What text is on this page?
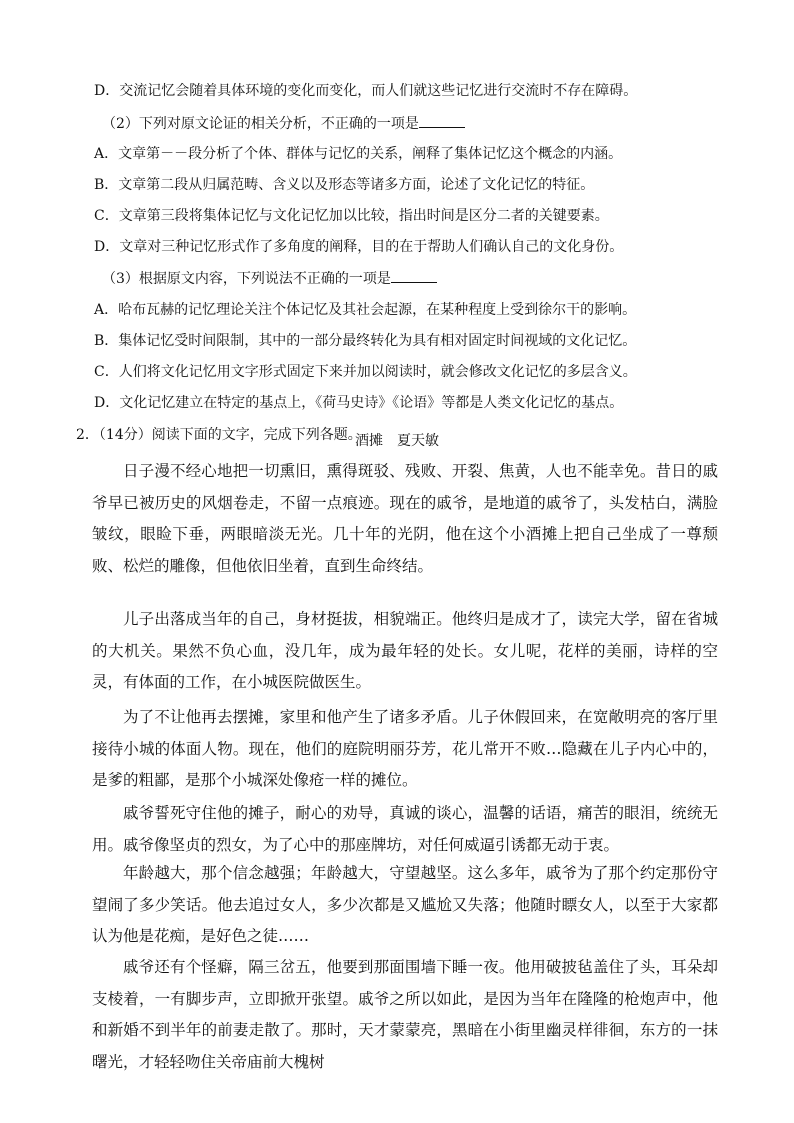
D．交流记忆会随着具体环境的变化而变化，而人们就这些记忆进行交流时不存在障碍。
（2）下列对原文论证的相关分析，不正确的一项是
A．文章第－－段分析了个体、群体与记忆的关系，阐释了集体记忆这个概念的内涵。
B．文章第二段从归属范畴、含义以及形态等诸多方面，论述了文化记忆的特征。
C．文章第三段将集体记忆与文化记忆加以比较，指出时间是区分二者的关键要素。
D．文章对三种记忆形式作了多角度的阐释，目的在于帮助人们确认自己的文化身份。
（3）根据原文内容，下列说法不正确的一项是
A．哈布瓦赫的记忆理论关注个体记忆及其社会起源，在某种程度上受到徐尔干的影响。
B．集体记忆受时间限制，其中的一部分最终转化为具有相对固定时间视域的文化记忆。
C．人们将文化记忆用文字形式固定下来并加以阅读时，就会修改文化记忆的多层含义。
D．文化记忆建立在特定的基点上，《荷马史诗》《论语》等都是人类文化记忆的基点。
2．（14分）阅读下面的文字，完成下列各题。
酒摊　夏天敏
日子漫不经心地把一切熏旧，熏得斑驳、残败、开裂、焦黄，人也不能幸免。昔日的戚爷早已被历史的风烟卷走，不留一点痕迹。现在的戚爷，是地道的戚爷了，头发枯白，满脸皱纹，眼睑下垂，两眼暗淡无光。几十年的光阴，他在这个小酒摊上把自己坐成了一尊颓败、松烂的雕像，但他依旧坐着，直到生命终结。
儿子出落成当年的自己，身材挺拔，相貌端正。他终归是成才了，读完大学，留在省城的大机关。果然不负心血，没几年，成为最年轻的处长。女儿呢，花样的美丽，诗样的空灵，有体面的工作，在小城医院做医生。
为了不让他再去摆摊，家里和他产生了诸多矛盾。儿子休假回来，在宽敞明亮的客厅里接待小城的体面人物。现在，他们的庭院明丽芬芳，花儿常开不败…隐藏在儿子内心中的，是爹的粗鄙，是那个小城深处像疮一样的摊位。
戚爷誓死守住他的摊子，耐心的劝导，真诚的谈心，温馨的话语，痛苦的眼泪，统统无用。戚爷像坚贞的烈女，为了心中的那座牌坊，对任何威逼引诱都无动于衷。
年龄越大，那个信念越强；年龄越大，守望越坚。这么多年，戚爷为了那个约定那份守望闹了多少笑话。他去追过女人，多少次都是又尴尬又失落；他随时瞟女人，以至于大家都认为他是花痴，是好色之徒……
戚爷还有个怪癖，隔三岔五，他要到那面围墙下睡一夜。他用破披毡盖住了头，耳朵却支棱着，一有脚步声，立即掀开张望。戚爷之所以如此，是因为当年在隆隆的枪炮声中，他和新婚不到半年的前妻走散了。那时，天才蒙蒙亮，黑暗在小街里幽灵样徘徊，东方的一抹曙光，才轻轻吻住关帝庙前大槐树
